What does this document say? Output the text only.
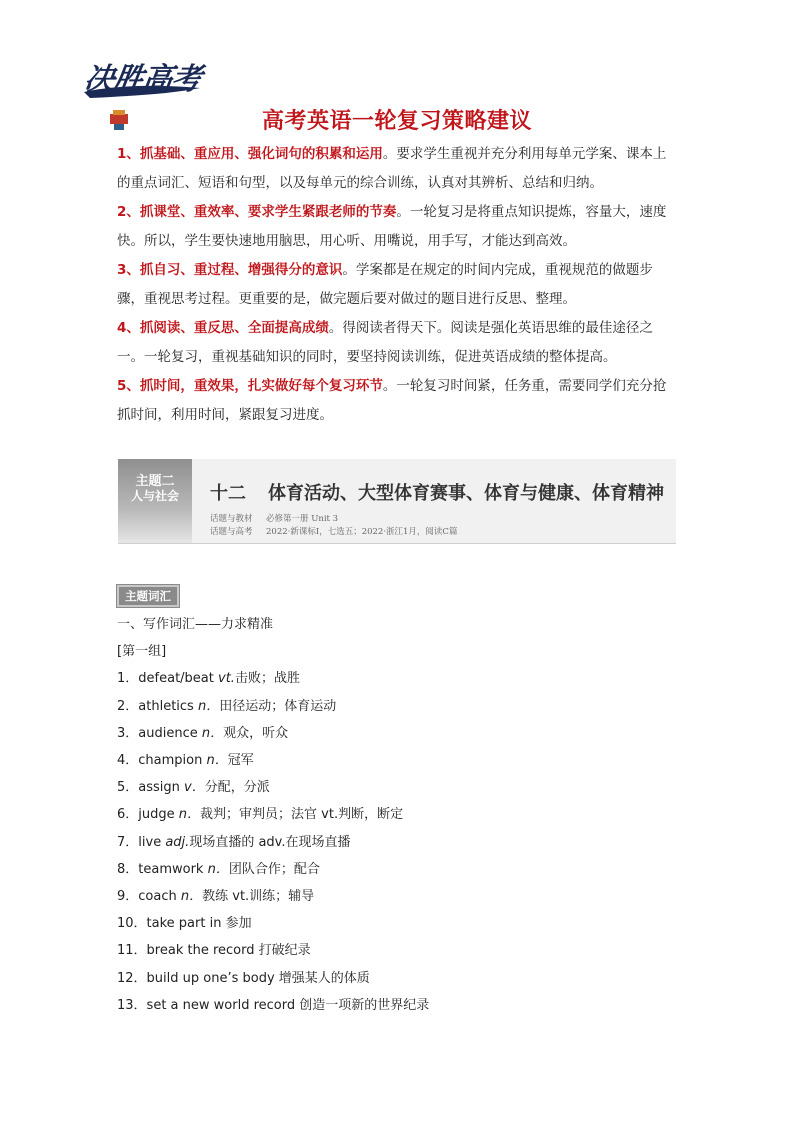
决胜高考
高考英语一轮复习策略建议

1、抓基础、重应用、强化词句的积累和运用。要求学生重视并充分利用每单元学案、课本上的重点词汇、短语和句型，以及每单元的综合训练，认真对其辨析、总结和归纳。

2、抓课堂、重效率、要求学生紧跟老师的节奏。一轮复习是将重点知识提炼，容量大，速度快。所以，学生要快速地用脑思，用心听、用嘴说，用手写，才能达到高效。

3、抓自习、重过程、增强得分的意识。学案都是在规定的时间内完成，重视规范的做题步骤，重视思考过程。更重要的是，做完题后要对做过的题目进行反思、整理。

4、抓阅读、重反思、全面提高成绩。得阅读者得天下。阅读是强化英语思维的最佳途径之一。一轮复习，重视基础知识的同时，要坚持阅读训练，促进英语成绩的整体提高。

5、抓时间，重效果，扎实做好每个复习环节。一轮复习时间紧，任务重，需要同学们充分抢抓时间，利用时间，紧跟复习进度。

主题二
人与社会	十二 体育活动、大型体育赛事、体育与健康、体育精神
话题与教材 必修第一册 Unit 3
话题与高考 2022·新课标Ⅰ，七选五；2022·浙江1月，阅读C篇
主题词汇
一、写作词汇——力求精准
[第一组]
1．defeat/beat vt.击败；战胜
2．athletics n．田径运动；体育运动
3．audience n．观众，听众
4．champion n．冠军
5．assign v．分配，分派
6．judge n．裁判；审判员；法官 vt.判断，断定
7．live adj.现场直播的 adv.在现场直播
8．teamwork n．团队合作；配合
9．coach n．教练 vt.训练；辅导
10．take part in 参加
11．break the record 打破纪录
12．build up one’s body 增强某人的体质
13．set a new world record 创造一项新的世界纪录
